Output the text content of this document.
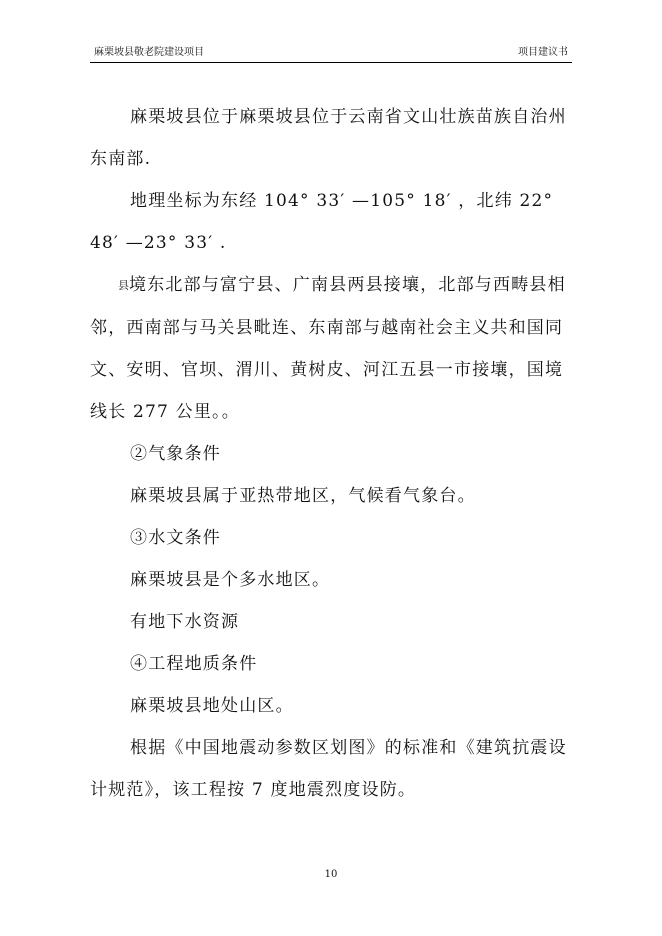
麻栗坡县敬老院建设项目	项目建议书

麻栗坡县位于麻栗坡县位于云南省文山壮族苗族自治州

东南部.

地理坐标为东经 104° 33′ —105° 18′ ，北纬 22°

48′ —23° 33′ .

县境东北部与富宁县、广南县两县接壤，北部与西畴县相

邻，西南部与马关县毗连、东南部与越南社会主义共和国同

文、安明、官坝、渭川、黄树皮、河江五县一市接壤，国境

线长 277 公里。。

②气象条件

麻栗坡县属于亚热带地区，气候看气象台。

③水文条件

麻栗坡县是个多水地区。

有地下水资源

④工程地质条件

麻栗坡县地处山区。

根据《中国地震动参数区划图》的标准和《建筑抗震设

计规范》，该工程按 7 度地震烈度设防。

10
